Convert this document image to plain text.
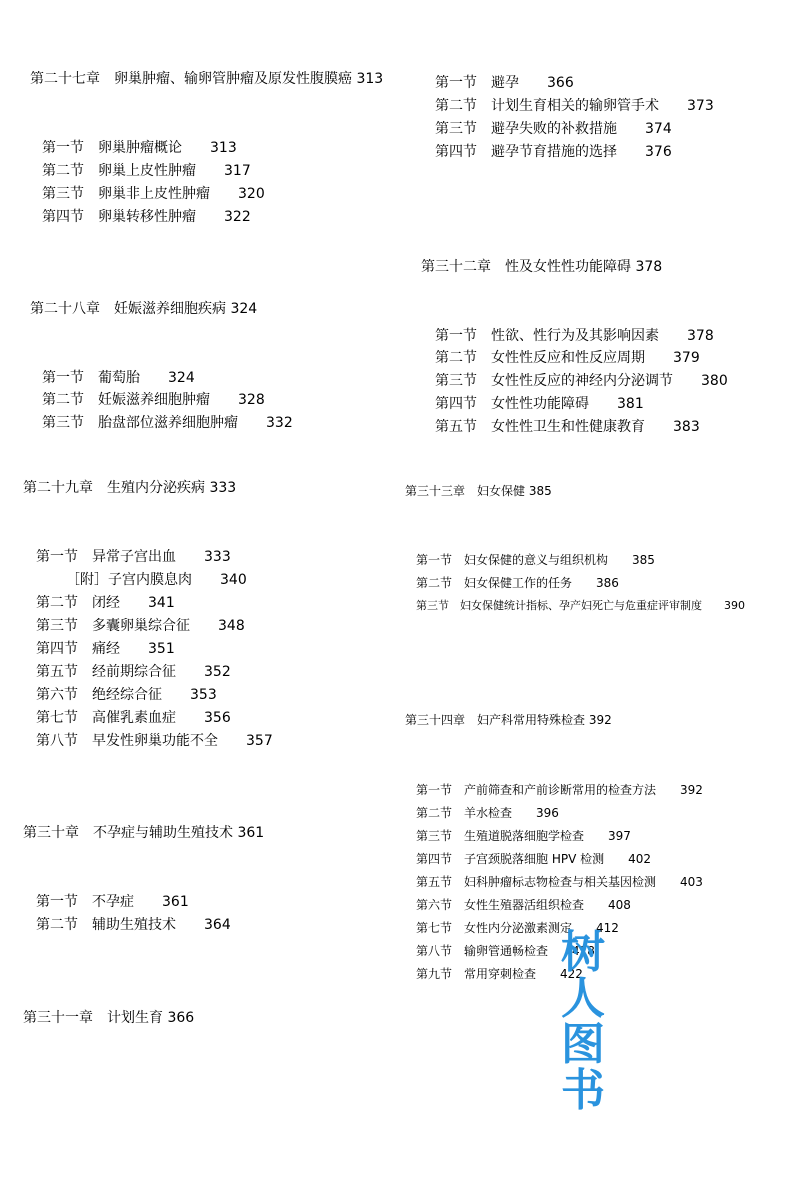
第二十七章　卵巢肿瘤、输卵管肿瘤及原发性腹膜癌 313
第一节　卵巢肿瘤概论　　313
第二节　卵巢上皮性肿瘤　　317
第三节　卵巢非上皮性肿瘤　　320
第四节　卵巢转移性肿瘤　　322
第二十八章　妊娠滋养细胞疾病 324
第一节　葡萄胎　　324
第二节　妊娠滋养细胞肿瘤　　328
第三节　胎盘部位滋养细胞肿瘤　　332
第二十九章　生殖内分泌疾病 333
第一节　异常子宫出血　　333
［附］子宫内膜息肉　　340
第二节　闭经　　341
第三节　多囊卵巢综合征　　348
第四节　痛经　　351
第五节　经前期综合征　　352
第六节　绝经综合征　　353
第七节　高催乳素血症　　356
第八节　早发性卵巢功能不全　　357
第三十章　不孕症与辅助生殖技术 361
第一节　不孕症　　361
第二节　辅助生殖技术　　364
第三十一章　计划生育 366
第一节　避孕　　366
第二节　计划生育相关的输卵管手术　　373
第三节　避孕失败的补救措施　　374
第四节　避孕节育措施的选择　　376
第三十二章　性及女性性功能障碍 378
第一节　性欲、性行为及其影响因素　　378
第二节　女性性反应和性反应周期　　379
第三节　女性性反应的神经内分泌调节　　380
第四节　女性性功能障碍　　381
第五节　女性性卫生和性健康教育　　383
第三十三章　妇女保健 385
第一节　妇女保健的意义与组织机构　　385
第二节　妇女保健工作的任务　　386
第三节　妇女保健统计指标、孕产妇死亡与危重症评审制度　　390
第三十四章　妇产科常用特殊检查 392
第一节　产前筛查和产前诊断常用的检查方法　　392
第二节　羊水检查　　396
第三节　生殖道脱落细胞学检查　　397
第四节　子宫颈脱落细胞 HPV 检测　　402
第五节　妇科肿瘤标志物检查与相关基因检测　　403
第六节　女性生殖器活组织检查　　408
第七节　女性内分泌激素测定　　412
第八节　输卵管通畅检查　　418
第九节　常用穿刺检查　　422
树人图书
